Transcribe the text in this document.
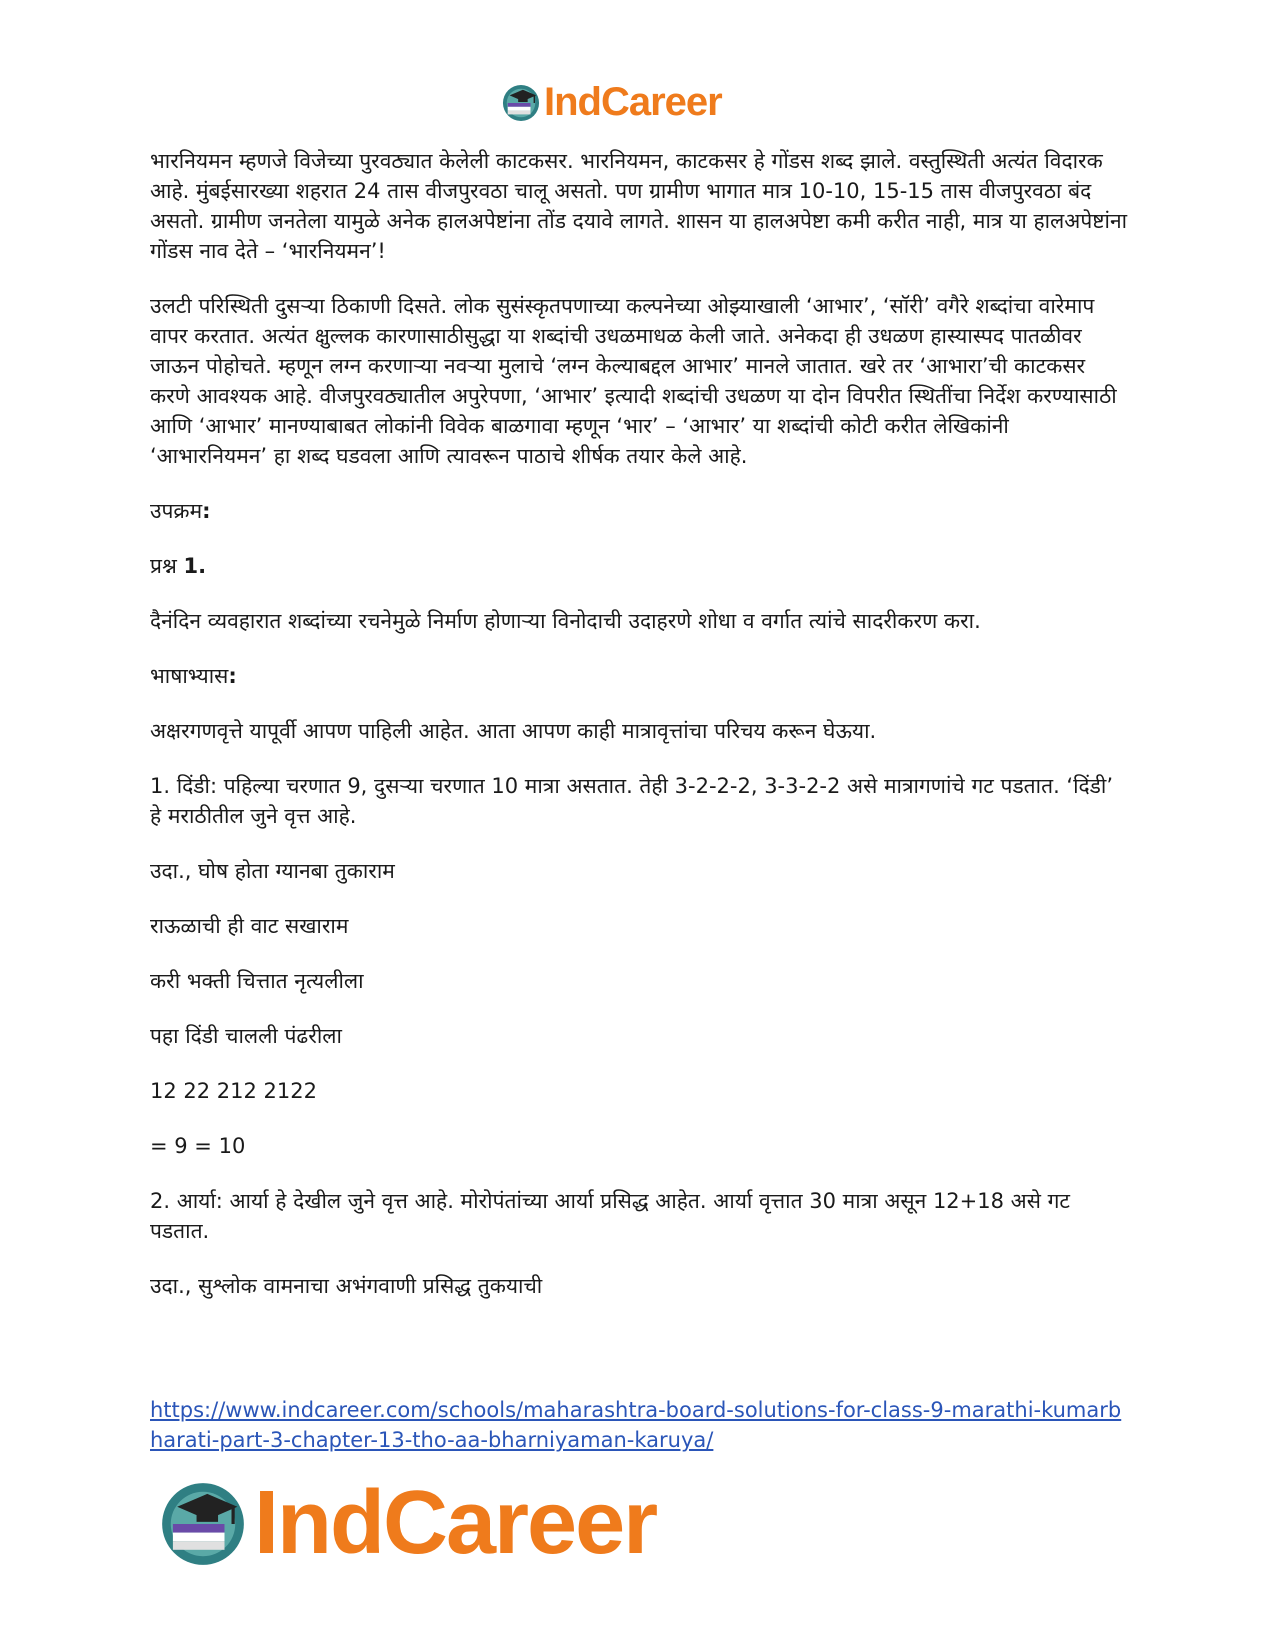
IndCareer

भारनियमन म्हणजे विजेच्या पुरवठ्यात केलेली काटकसर. भारनियमन, काटकसर हे गोंडस शब्द झाले. वस्तुस्थिती अत्यंत विदारक आहे. मुंबईसारख्या शहरात 24 तास वीजपुरवठा चालू असतो. पण ग्रामीण भागात मात्र 10-10, 15-15 तास वीजपुरवठा बंद असतो. ग्रामीण जनतेला यामुळे अनेक हालअपेष्टांना तोंड दयावे लागते. शासन या हालअपेष्टा कमी करीत नाही, मात्र या हालअपेष्टांना गोंडस नाव देते – ‘भारनियमन’!

उलटी परिस्थिती दुसऱ्या ठिकाणी दिसते. लोक सुसंस्कृतपणाच्या कल्पनेच्या ओझ्याखाली ‘आभार’, ‘सॉरी’ वगैरे शब्दांचा वारेमाप वापर करतात. अत्यंत क्षुल्लक कारणासाठीसुद्धा या शब्दांची उधळमाधळ केली जाते. अनेकदा ही उधळण हास्यास्पद पातळीवर जाऊन पोहोचते. म्हणून लग्न करणाऱ्या नवऱ्या मुलाचे ‘लग्न केल्याबद्दल आभार’ मानले जातात. खरे तर ‘आभारा’ची काटकसर करणे आवश्यक आहे. वीजपुरवठ्यातील अपुरेपणा, ‘आभार’ इत्यादी शब्दांची उधळण या दोन विपरीत स्थितींचा निर्देश करण्यासाठी आणि ‘आभार’ मानण्याबाबत लोकांनी विवेक बाळगावा म्हणून ‘भार’ – ‘आभार’ या शब्दांची कोटी करीत लेखिकांनी ‘आभारनियमन’ हा शब्द घडवला आणि त्यावरून पाठाचे शीर्षक तयार केले आहे.

उपक्रम:

प्रश्न 1.

दैनंदिन व्यवहारात शब्दांच्या रचनेमुळे निर्माण होणाऱ्या विनोदाची उदाहरणे शोधा व वर्गात त्यांचे सादरीकरण करा.

भाषाभ्यास:

अक्षरगणवृत्ते यापूर्वी आपण पाहिली आहेत. आता आपण काही मात्रावृत्तांचा परिचय करून घेऊया.

1. दिंडी: पहिल्या चरणात 9, दुसऱ्या चरणात 10 मात्रा असतात. तेही 3-2-2-2, 3-3-2-2 असे मात्रागणांचे गट पडतात. ‘दिंडी’ हे मराठीतील जुने वृत्त आहे.

उदा., घोष होता ग्यानबा तुकाराम

राऊळाची ही वाट सखाराम

करी भक्ती चित्तात नृत्यलीला

पहा दिंडी चालली पंढरीला

12 22 212 2122

= 9 = 10

2. आर्या: आर्या हे देखील जुने वृत्त आहे. मोरोपंतांच्या आर्या प्रसिद्ध आहेत. आर्या वृत्तात 30 मात्रा असून 12+18 असे गट पडतात.

उदा., सुश्लोक वामनाचा अभंगवाणी प्रसिद्ध तुकयाची

https://www.indcareer.com/schools/maharashtra-board-solutions-for-class-9-marathi-kumarbharati-part-3-chapter-13-tho-aa-bharniyaman-karuya/
IndCareer
